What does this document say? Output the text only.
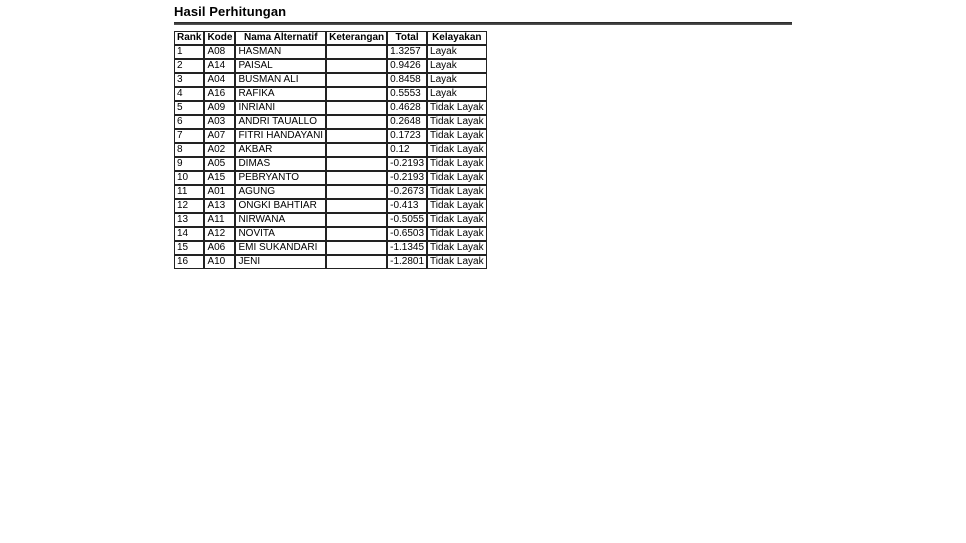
Hasil Perhitungan
Rank	Kode	Nama Alternatif	Keterangan	Total	Kelayakan
1	A08	HASMAN		1.3257	Layak
2	A14	PAISAL		0.9426	Layak
3	A04	BUSMAN ALI		0.8458	Layak
4	A16	RAFIKA		0.5553	Layak
5	A09	INRIANI		0.4628	Tidak Layak
6	A03	ANDRI TAUALLO		0.2648	Tidak Layak
7	A07	FITRI HANDAYANI		0.1723	Tidak Layak
8	A02	AKBAR		0.12	Tidak Layak
9	A05	DIMAS		-0.2193	Tidak Layak
10	A15	PEBRYANTO		-0.2193	Tidak Layak
11	A01	AGUNG		-0.2673	Tidak Layak
12	A13	ONGKI BAHTIAR		-0.413	Tidak Layak
13	A11	NIRWANA		-0.5055	Tidak Layak
14	A12	NOVITA		-0.6503	Tidak Layak
15	A06	EMI SUKANDARI		-1.1345	Tidak Layak
16	A10	JENI		-1.2801	Tidak Layak
